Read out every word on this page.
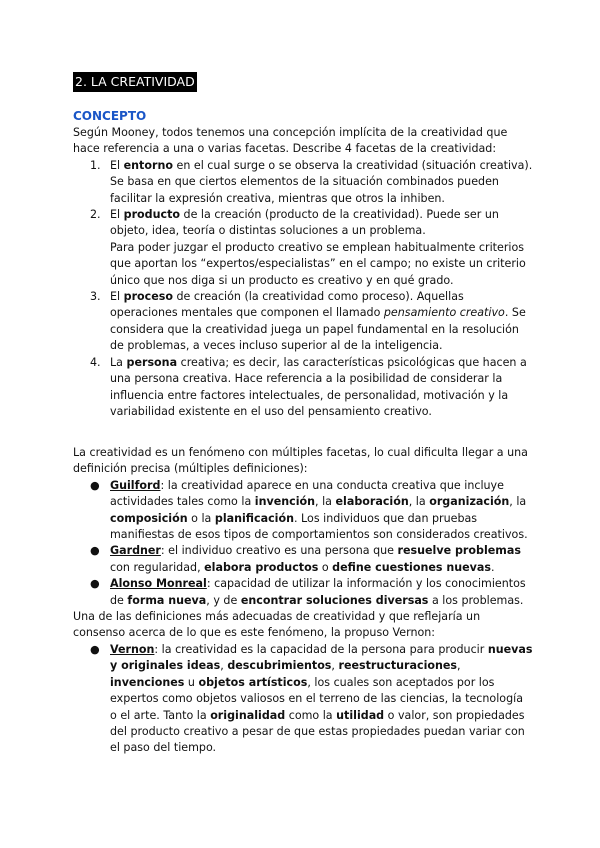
2. LA CREATIVIDAD
CONCEPTO

Según Mooney, todos tenemos una concepción implícita de la creatividad que hace referencia a una o varias facetas. Describe 4 facetas de la creatividad:

1. El entorno en el cual surge o se observa la creatividad (situación creativa). Se basa en que ciertos elementos de la situación combinados pueden facilitar la expresión creativa, mientras que otros la inhiben.
2. El producto de la creación (producto de la creatividad). Puede ser un objeto, idea, teoría o distintas soluciones a un problema.
Para poder juzgar el producto creativo se emplean habitualmente criterios que aportan los “expertos/especialistas” en el campo; no existe un criterio único que nos diga si un producto es creativo y en qué grado.
3. El proceso de creación (la creatividad como proceso). Aquellas operaciones mentales que componen el llamado pensamiento creativo. Se considera que la creatividad juega un papel fundamental en la resolución de problemas, a veces incluso superior al de la inteligencia.
4. La persona creativa; es decir, las características psicológicas que hacen a una persona creativa. Hace referencia a la posibilidad de considerar la influencia entre factores intelectuales, de personalidad, motivación y la variabilidad existente en el uso del pensamiento creativo.

La creatividad es un fenómeno con múltiples facetas, lo cual dificulta llegar a una definición precisa (múltiples definiciones):

● Guilford: la creatividad aparece en una conducta creativa que incluye actividades tales como la invención, la elaboración, la organización, la composición o la planificación. Los individuos que dan pruebas manifiestas de esos tipos de comportamientos son considerados creativos.
● Gardner: el individuo creativo es una persona que resuelve problemas con regularidad, elabora productos o define cuestiones nuevas.
● Alonso Monreal: capacidad de utilizar la información y los conocimientos de forma nueva, y de encontrar soluciones diversas a los problemas.

Una de las definiciones más adecuadas de creatividad y que reflejaría un consenso acerca de lo que es este fenómeno, la propuso Vernon:

● Vernon: la creatividad es la capacidad de la persona para producir nuevas y originales ideas, descubrimientos, reestructuraciones, invenciones u objetos artísticos, los cuales son aceptados por los expertos como objetos valiosos en el terreno de las ciencias, la tecnología o el arte. Tanto la originalidad como la utilidad o valor, son propiedades del producto creativo a pesar de que estas propiedades puedan variar con el paso del tiempo.
